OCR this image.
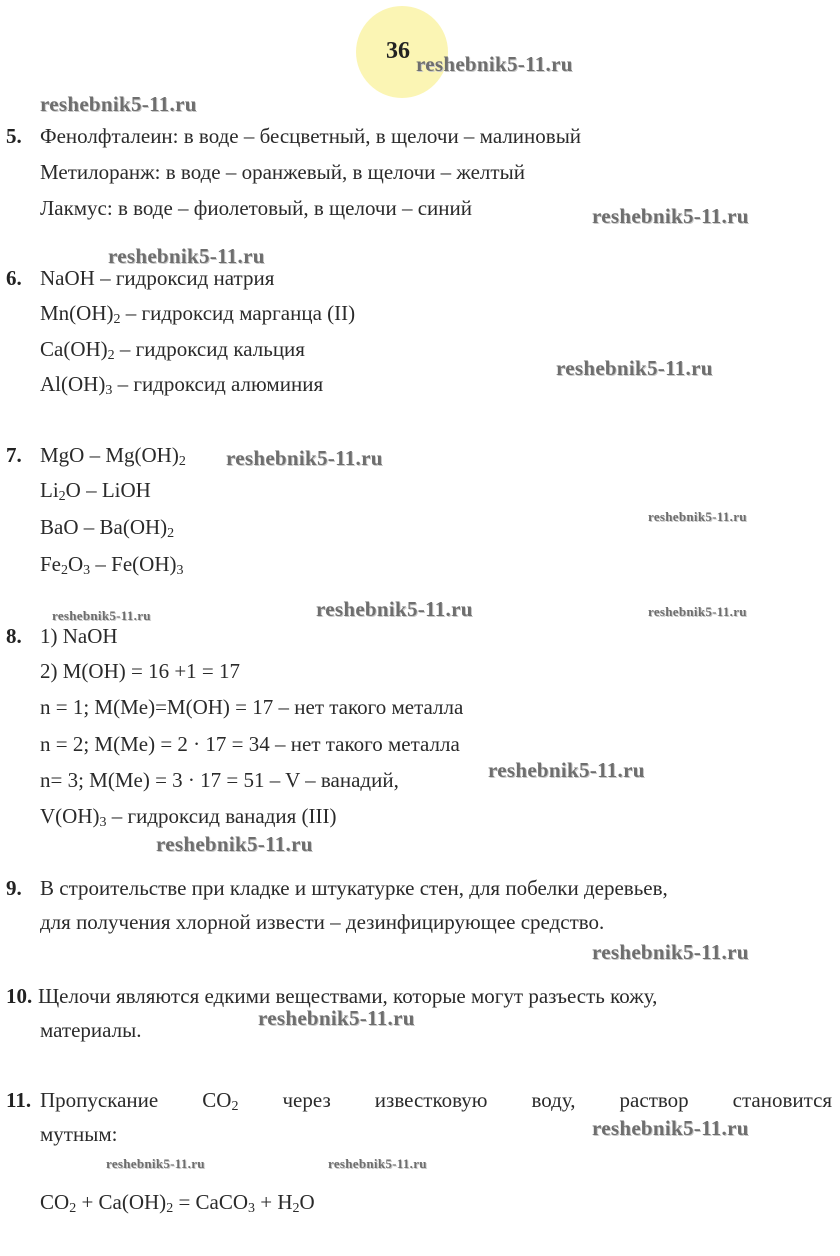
36 reshebnik5-11.ru
reshebnik5-11.ru
reshebnik5-11.ru
reshebnik5-11.ru
reshebnik5-11.ru
reshebnik5-11.ru
reshebnik5-11.ru
reshebnik5-11.ru	reshebnik5-11.ru	reshebnik5-11.ru
reshebnik5-11.ru
reshebnik5-11.ru
reshebnik5-11.ru
reshebnik5-11.ru
reshebnik5-11.ru
reshebnik5-11.ru	reshebnik5-11.ru
5. Фенолфталеин: в воде – бесцветный, в щелочи – малиновый
Метилоранж: в воде – оранжевый, в щелочи – желтый
Лакмус: в воде – фиолетовый, в щелочи – синий
6. NaOH – гидроксид натрия
$Mn(OH)_2$ – гидроксид марганца (II)
$Ca(OH)_2$ – гидроксид кальция
$Al(OH)_3$ – гидроксид алюминия
7. MgO – $Mg(OH)_2$
$Li_2O$ – LiOH
BaO – $Ba(OH)_2$
$Fe_2O_3 - Fe(OH)_3$
8. 1) NaOH
2) M(OH) = 16 +1 = 17
n = 1; M(Me)=M(OH) = 17 – нет такого металла
n = 2; M(Me) = 2 · 17 = 34 – нет такого металла
n= 3; M(Me) = 3 · 17 = 51 – V – ванадий,
$V(OH)_3$ – гидроксид ванадия (III)
9. В строительстве при кладке и штукатурке стен, для побелки деревьев,
для получения хлорной извести – дезинфицирующее средство.
10. Щелочи являются едкими веществами, которые могут разъесть кожу,
материалы.
11. Пропускание $CO_2$ через известковую воду, раствор становится
мутным:
$CO_2 + Ca(OH)_2$ = CaCO$_3$ + $H_2O$
